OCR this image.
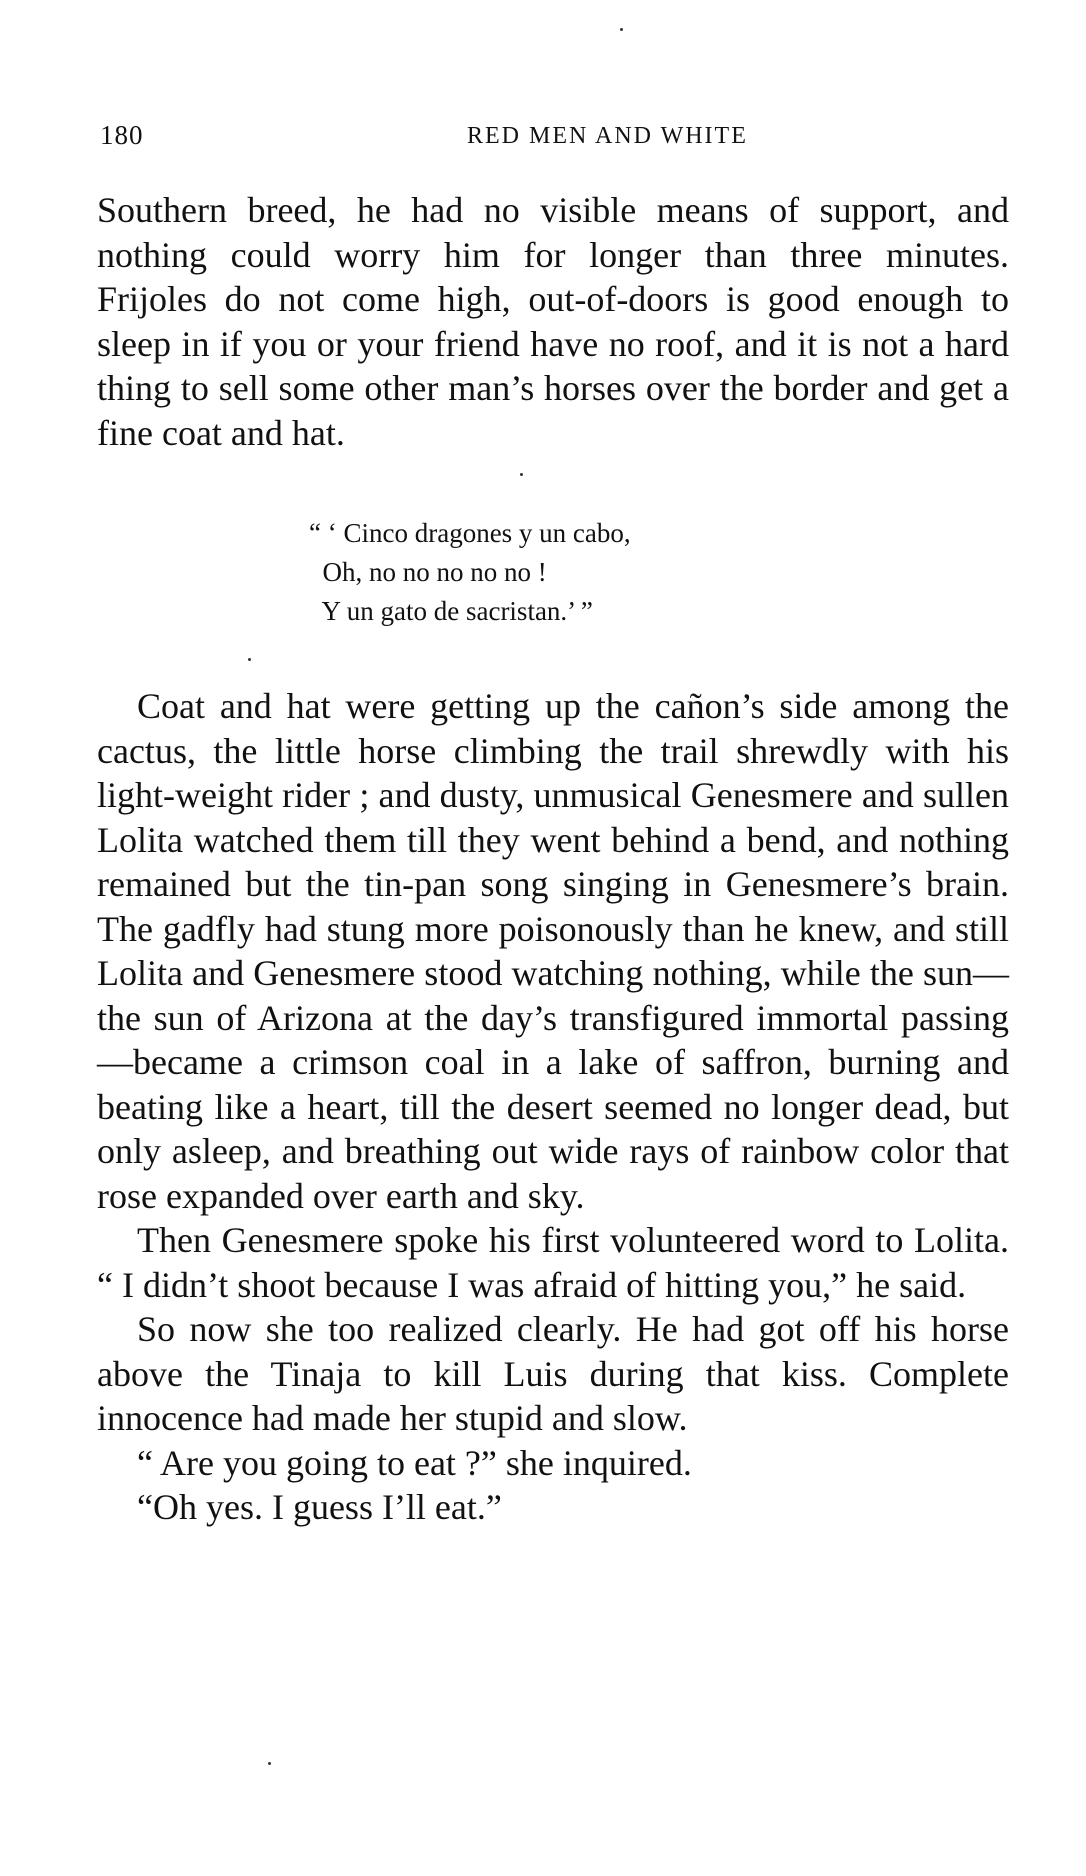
180	RED MEN AND WHITE

Southern breed, he had no visible means of support, and nothing could worry him for longer than three minutes. Frijoles do not come high, out-of-doors is good enough to sleep in if you or your friend have no roof, and it is not a hard thing to sell some other man’s horses over the border and get a fine coat and hat.

“ ‘ Cinco dragones y un cabo,
Oh, no no no no no !
Y un gato de sacristan.’ ”

Coat and hat were getting up the cañon’s side among the cactus, the little horse climbing the trail shrewdly with his light-weight rider ; and dusty, unmusical Genesmere and sullen Lolita watched them till they went behind a bend, and nothing remained but the tin-pan song singing in Genesmere’s brain. The gadfly had stung more poisonously than he knew, and still Lolita and Genesmere stood watching nothing, while the sun—the sun of Arizona at the day’s transfigured immortal passing—became a crimson coal in a lake of saffron, burning and beating like a heart, till the desert seemed no longer dead, but only asleep, and breathing out wide rays of rainbow color that rose expanded over earth and sky.

Then Genesmere spoke his first volunteered word to Lolita. “ I didn’t shoot because I was afraid of hitting you,” he said.

So now she too realized clearly. He had got off his horse above the Tinaja to kill Luis during that kiss. Complete innocence had made her stupid and slow.

“ Are you going to eat ?” she inquired.

“Oh yes. I guess I’ll eat.”
